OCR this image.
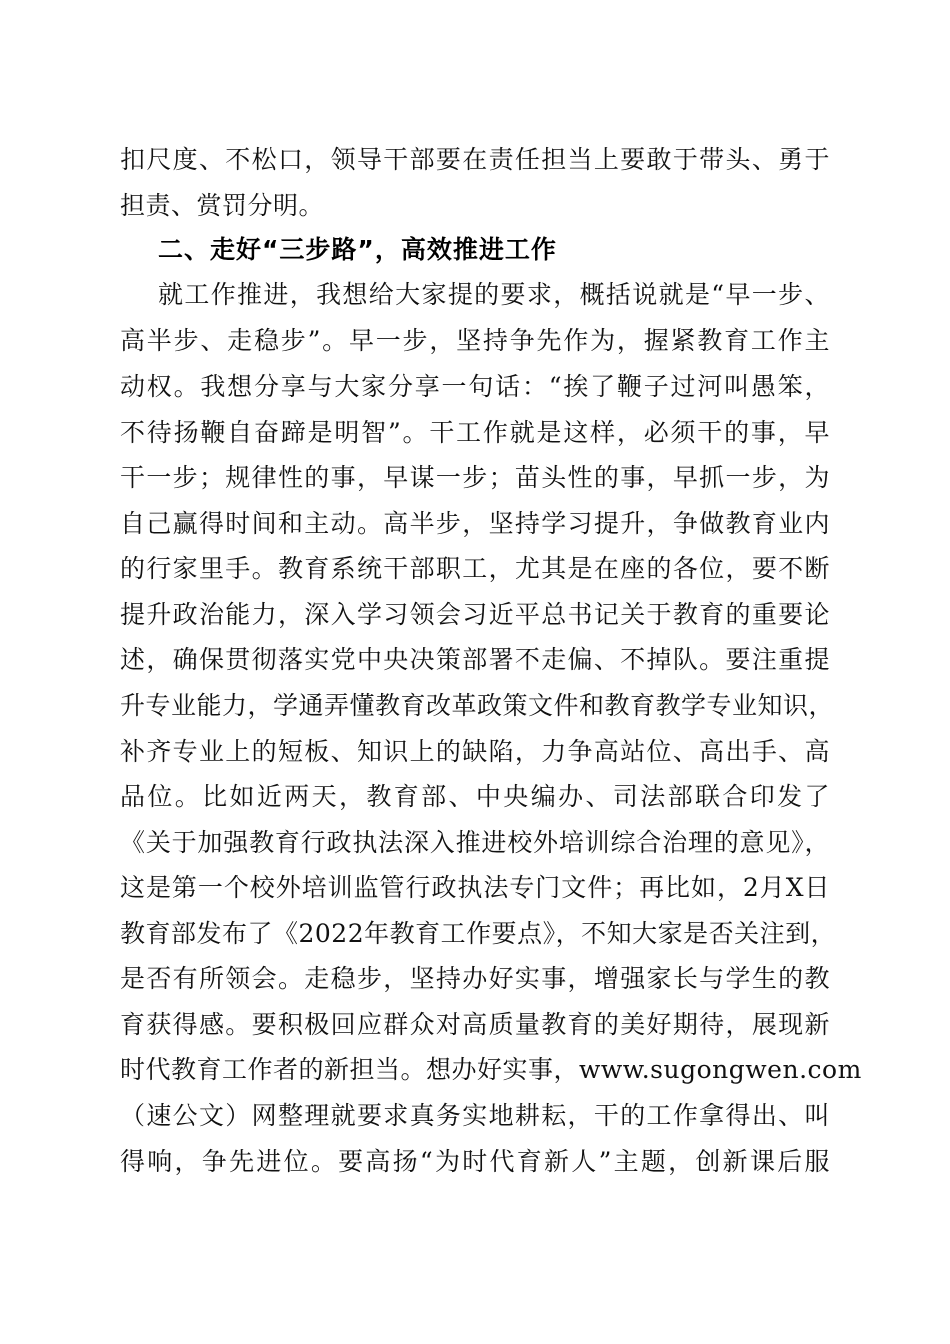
扣尺度、不松口，领导干部要在责任担当上要敢于带头、勇于
担责、赏罚分明。
二、走好“三步路”，高效推进工作
就工作推进，我想给大家提的要求，概括说就是“早一步、
高半步、走稳步”。早一步，坚持争先作为，握紧教育工作主
动权。我想分享与大家分享一句话：“挨了鞭子过河叫愚笨，
不待扬鞭自奋蹄是明智”。干工作就是这样，必须干的事，早
干一步；规律性的事，早谋一步；苗头性的事，早抓一步，为
自己赢得时间和主动。高半步，坚持学习提升，争做教育业内
的行家里手。教育系统干部职工，尤其是在座的各位，要不断
提升政治能力，深入学习领会习近平总书记关于教育的重要论
述，确保贯彻落实党中央决策部署不走偏、不掉队。要注重提
升专业能力，学通弄懂教育改革政策文件和教育教学专业知识，
补齐专业上的短板、知识上的缺陷，力争高站位、高出手、高
品位。比如近两天，教育部、中央编办、司法部联合印发了
《关于加强教育行政执法深入推进校外培训综合治理的意见》，
这是第一个校外培训监管行政执法专门文件；再比如，2月X日
教育部发布了《2022年教育工作要点》，不知大家是否关注到，
是否有所领会。走稳步，坚持办好实事，增强家长与学生的教
育获得感。要积极回应群众对高质量教育的美好期待，展现新
时代教育工作者的新担当。想办好实事，www.sugongwen.com
（速公文）网整理就要求真务实地耕耘，干的工作拿得出、叫
得响，争先进位。要高扬“为时代育新人”主题，创新课后服
